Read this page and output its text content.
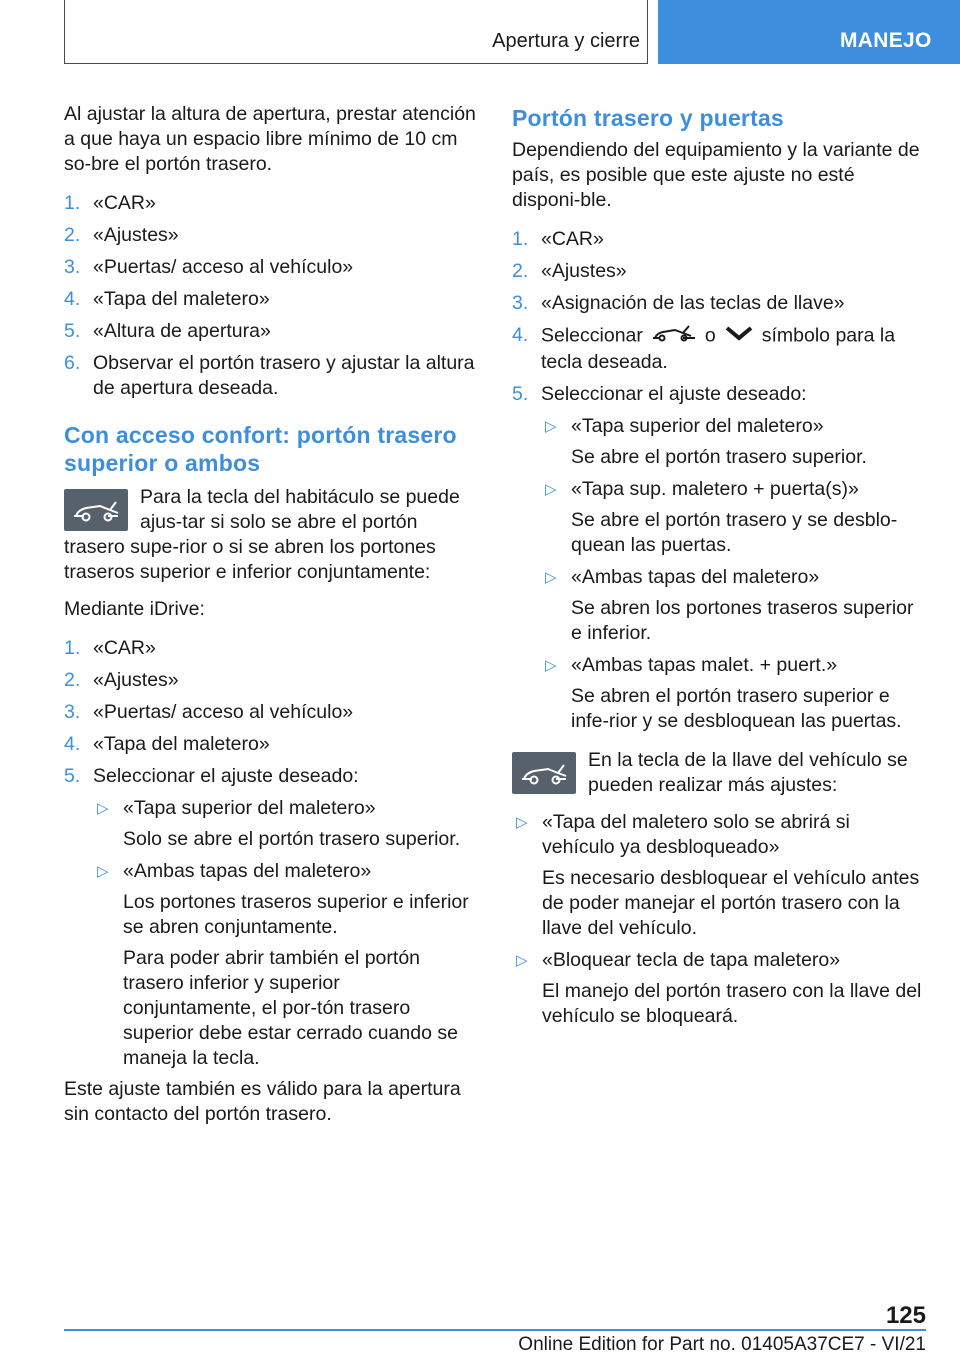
Apertura y cierre	MANEJO

Al ajustar la altura de apertura, prestar atención a que haya un espacio libre mínimo de 10 cm so-bre el portón trasero.

1. «CAR»
2. «Ajustes»
3. «Puertas/ acceso al vehículo»
4. «Tapa del maletero»
5. «Altura de apertura»
6. Observar el portón trasero y ajustar la altura de apertura deseada.
Con acceso confort: portón trasero superior o ambos
Para la tecla del habitáculo se puede ajus-tar si solo se abre el portón trasero supe-rior o si se abren los portones traseros superior e inferior conjuntamente:

Mediante iDrive:

1. «CAR»
2. «Ajustes»
3. «Puertas/ acceso al vehículo»
4. «Tapa del maletero»
5. Seleccionar el ajuste deseado:
▷ «Tapa superior del maletero»
Solo se abre el portón trasero superior.
▷ «Ambas tapas del maletero»
Los portones traseros superior e inferior se abren conjuntamente.
Para poder abrir también el portón trasero inferior y superior conjuntamente, el por-tón trasero superior debe estar cerrado cuando se maneja la tecla.

Este ajuste también es válido para la apertura sin contacto del portón trasero.

Portón trasero y puertas

Dependiendo del equipamiento y la variante de país, es posible que este ajuste no esté disponi-ble.

1. «CAR»
2. «Ajustes»
3. «Asignación de las teclas de llave»
4. Seleccionar	o símbolo para la tecla deseada.
5. Seleccionar el ajuste deseado:
▷ «Tapa superior del maletero»
Se abre el portón trasero superior.
▷ «Tapa sup. maletero + puerta(s)»
Se abre el portón trasero y se desblo-quean las puertas.
▷ «Ambas tapas del maletero»
Se abren los portones traseros superior e inferior.
▷ «Ambas tapas malet. + puert.»
Se abren el portón trasero superior e infe-rior y se desbloquean las puertas.
En la tecla de la llave del vehículo se pueden realizar más ajustes:
▷ «Tapa del maletero solo se abrirá si vehículo ya desbloqueado»
Es necesario desbloquear el vehículo antes de poder manejar el portón trasero con la llave del vehículo.
▷ «Bloquear tecla de tapa maletero»
El manejo del portón trasero con la llave del vehículo se bloqueará.
125
Online Edition for Part no. 01405A37CE7 - VI/21
